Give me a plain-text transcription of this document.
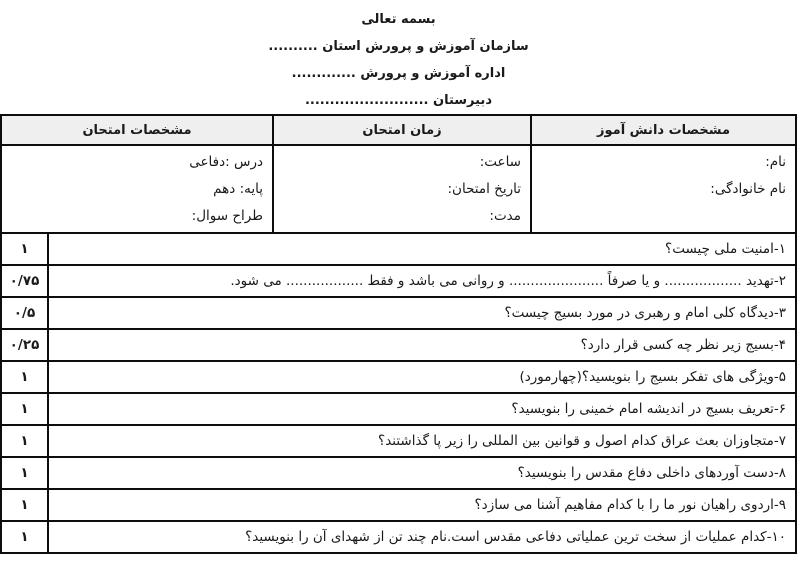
بسمه تعالی
سازمان آموزش و پرورش استان ..........
اداره آموزش و پرورش .............
دبیرستان .........................
مشخصات دانش آموز
زمان امتحان
مشخصات امتحان
نام:
نام خانوادگی:
ساعت:
تاریخ امتحان:
مدت:
درس :دفاعی
پایه: دهم
طراح سوال:
۱-امنیت ملی چیست؟
۱
۲-تهدید .................. و یا صرفاً ...................... و روانی می باشد و فقط .................. می شود.
۰/۷۵
۳-دیدگاه کلی امام و رهبری در مورد بسیج چیست؟
۰/۵
۴-بسیج زیر نظر چه کسی قرار دارد؟
۰/۲۵
۵-ویژگی های تفکر بسیج را بنویسید؟(چهارمورد)
۱
۶-تعریف بسیج در اندیشه امام خمینی را بنویسید؟
۱
۷-متجاوزان بعث عراق کدام اصول و قوانین بین المللی را زیر پا گذاشتند؟
۱
۸-دست آوردهای داخلی دفاع مقدس را بنویسید؟
۱
۹-اردوی راهیان نور ما را با کدام مفاهیم آشنا می سازد؟
۱
۱۰-کدام عملیات از سخت ترین عملیاتی دفاعی مقدس است.نام چند تن از شهدای آن را بنویسید؟
۱
